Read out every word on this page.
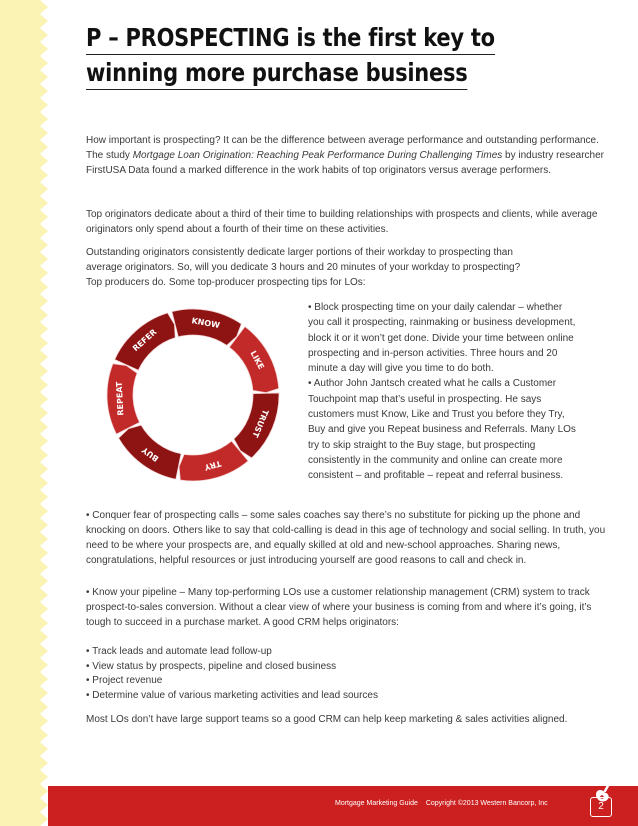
P – PROSPECTING is the first key to
winning more purchase business

How important is prospecting? It can be the difference between average performance and outstanding performance. The study Mortgage Loan Origination: Reaching Peak Performance During Challenging Times by industry researcher FirstUSA Data found a marked difference in the work habits of top originators versus average performers.

Top originators dedicate about a third of their time to building relationships with prospects and clients, while average originators only spend about a fourth of their time on these activities.

Outstanding originators consistently dedicate larger portions of their workday to prospecting than

average originators. So, will you dedicate 3 hours and 20 minutes of your workday to prospecting?

Top producers do. Some top-producer prospecting tips for LOs:

KNOW
LIKE
TRUST
TRY
BUY
REPEAT
REFER

• Block prospecting time on your daily calendar – whether you call it prospecting, rainmaking or business development, block it or it won’t get done. Divide your time between online prospecting and in-person activities. Three hours and 20 minute a day will give you time to do both.

• Author John Jantsch created what he calls a Customer Touchpoint map that’s useful in prospecting. He says customers must Know, Like and Trust you before they Try, Buy and give you Repeat business and Referrals. Many LOs try to skip straight to the Buy stage, but prospecting consistently in the community and online can create more consistent – and profitable – repeat and referral business.

• Conquer fear of prospecting calls – some sales coaches say there’s no substitute for picking up the phone and knocking on doors. Others like to say that cold-calling is dead in this age of technology and social selling. In truth, you need to be where your prospects are, and equally skilled at old and new-school approaches. Sharing news, congratulations, helpful resources or just introducing yourself are good reasons to call and check in.

• Know your pipeline – Many top-performing LOs use a customer relationship management (CRM) system to track prospect-to-sales conversion. Without a clear view of where your business is coming from and where it’s going, it’s tough to succeed in a purchase market. A good CRM helps originators:

• Track leads and automate lead follow-up
• View status by prospects, pipeline and closed business
• Project revenue
• Determine value of various marketing activities and lead sources

Most LOs don’t have large support teams so a good CRM can help keep marketing & sales activities aligned.

Mortgage Marketing Guide Copyright ©2013 Western Bancorp, Inc	2
